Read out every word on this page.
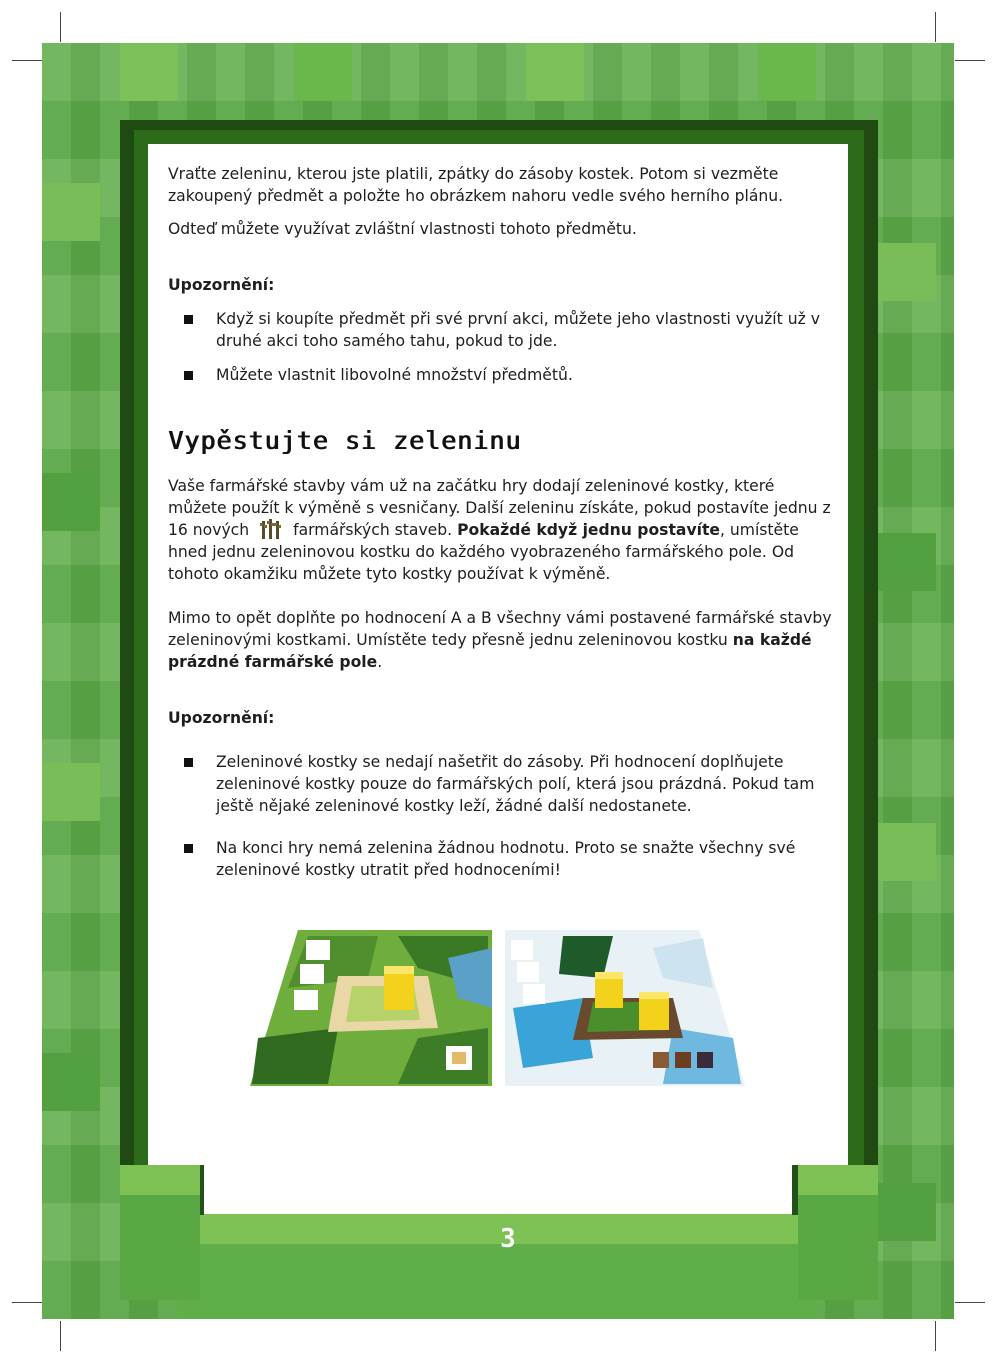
3

Vraťte zeleninu, kterou jste platili, zpátky do zásoby kostek. Potom si vezměte zakoupený předmět a položte ho obrázkem nahoru vedle svého herního plánu.

Odteď můžete využívat zvláštní vlastnosti tohoto předmětu.

Upozornění:

Když si koupíte předmět při své první akci, můžete jeho vlastnosti využít už v druhé akci toho samého tahu, pokud to jde.
Můžete vlastnit libovolné množství předmětů.
Vypěstujte si zeleninu

Vaše farmářské stavby vám už na začátku hry dodají zeleninové kostky, které můžete použít k výměně s vesničany. Další zeleninu získáte, pokud postavíte jednu z 16 nových	farmářských staveb. Pokaždé když jednu postavíte, umístěte hned jednu zeleninovou kostku do každého vyobrazeného farmářského pole. Od tohoto okamžiku můžete tyto kostky používat k výměně.

Mimo to opět doplňte po hodnocení A a B všechny vámi postavené farmářské stavby zeleninovými kostkami. Umístěte tedy přesně jednu zeleninovou kostku na každé prázdné farmářské pole.

Upozornění:

Zeleninové kostky se nedají našetřit do zásoby. Při hodnocení doplňujete zeleninové kostky pouze do farmářských polí, která jsou prázdná. Pokud tam ještě nějaké zeleninové kostky leží, žádné další nedostanete.
Na konci hry nemá zelenina žádnou hodnotu. Proto se snažte všechny své zeleninové kostky utratit před hodnoceními!
